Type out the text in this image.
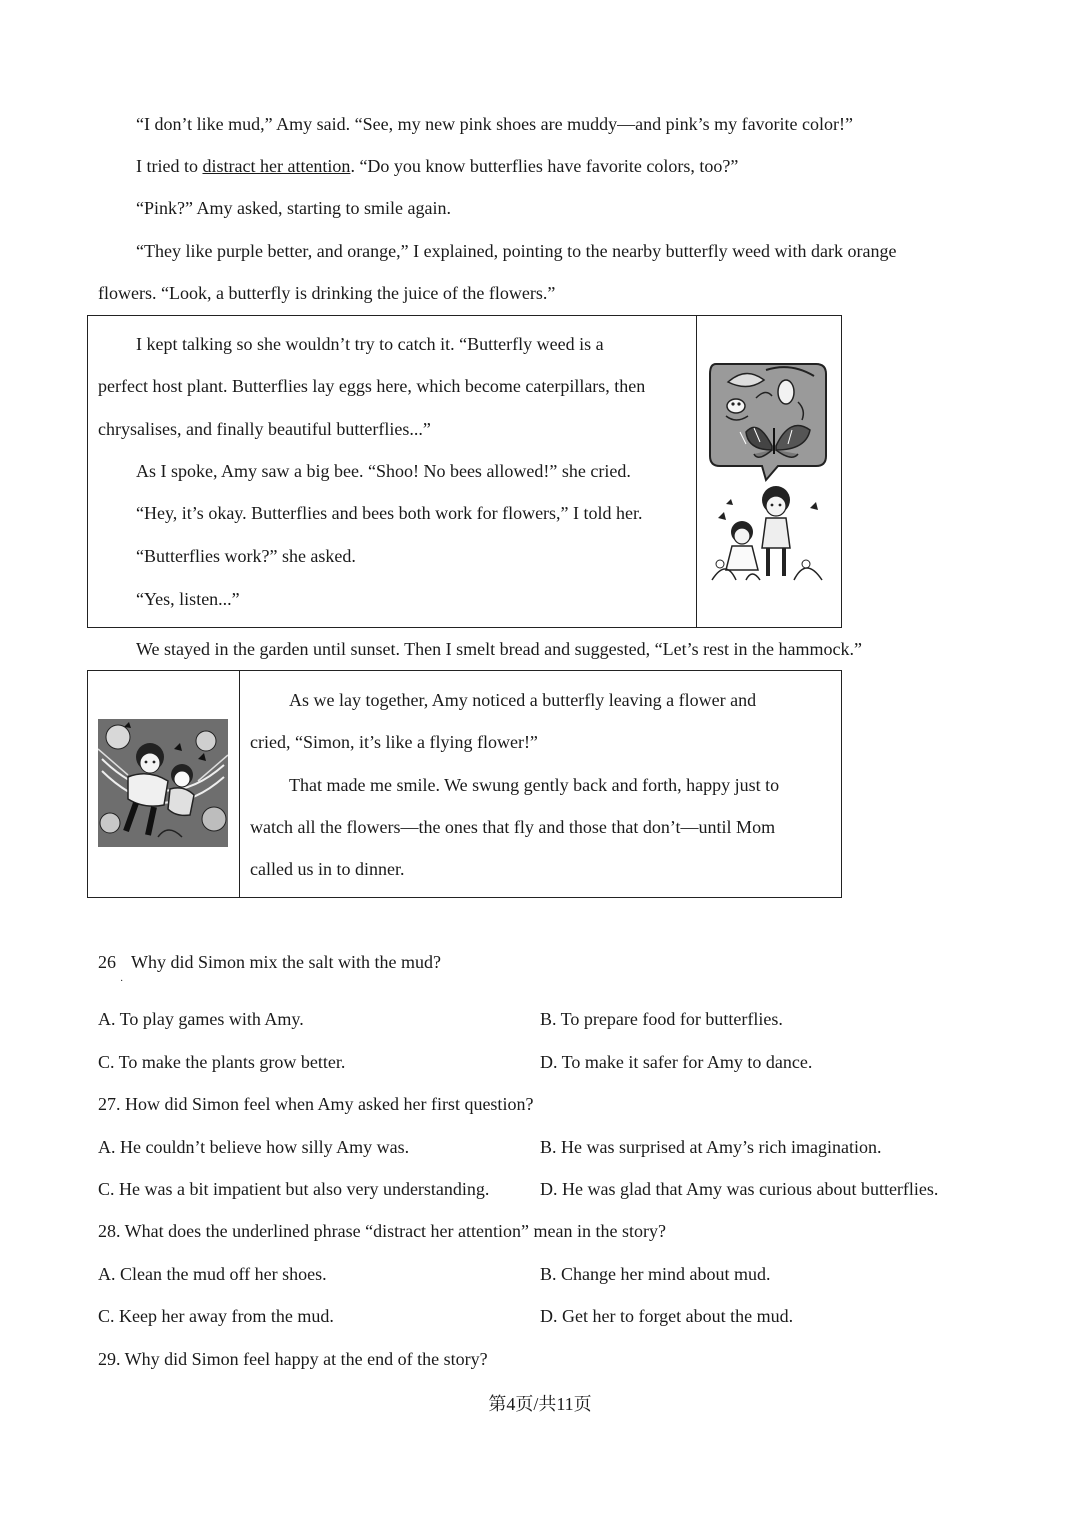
“I don’t like mud,” Amy said. “See, my new pink shoes are muddy—and pink’s my favorite color!”
I tried to distract her attention. “Do you know butterflies have favorite colors, too?”
“Pink?” Amy asked, starting to smile again.
“They like purple better, and orange,” I explained, pointing to the nearby butterfly weed with dark orange
flowers. “Look, a butterfly is drinking the juice of the flowers.”
I kept talking so she wouldn’t try to catch it. “Butterfly weed is a
perfect host plant. Butterflies lay eggs here, which become caterpillars, then
chrysalises, and finally beautiful butterflies...”
As I spoke, Amy saw a big bee. “Shoo! No bees allowed!” she cried.
“Hey, it’s okay. Butterflies and bees both work for flowers,” I told her.
“Butterflies work?” she asked.
“Yes, listen...”
We stayed in the garden until sunset. Then I smelt bread and suggested, “Let’s rest in the hammock.”
As we lay together, Amy noticed a butterfly leaving a flower and
cried, “Simon, it’s like a flying flower!”
That made me smile. We swung gently back and forth, happy just to
watch all the flowers—the ones that fly and those that don’t—until Mom
called us in to dinner.
26
·
Why did Simon mix the salt with the mud?
A. To play games with Amy.	B. To prepare food for butterflies.
C. To make the plants grow better.	D. To make it safer for Amy to dance.
27. How did Simon feel when Amy asked her first question?
A. He couldn’t believe how silly Amy was.	B. He was surprised at Amy’s rich imagination.
C. He was a bit impatient but also very understanding.	D. He was glad that Amy was curious about butterflies.
28. What does the underlined phrase “distract her attention” mean in the story?
A. Clean the mud off her shoes.	B. Change her mind about mud.
C. Keep her away from the mud.	D. Get her to forget about the mud.
29. Why did Simon feel happy at the end of the story?
第4页/共11页
